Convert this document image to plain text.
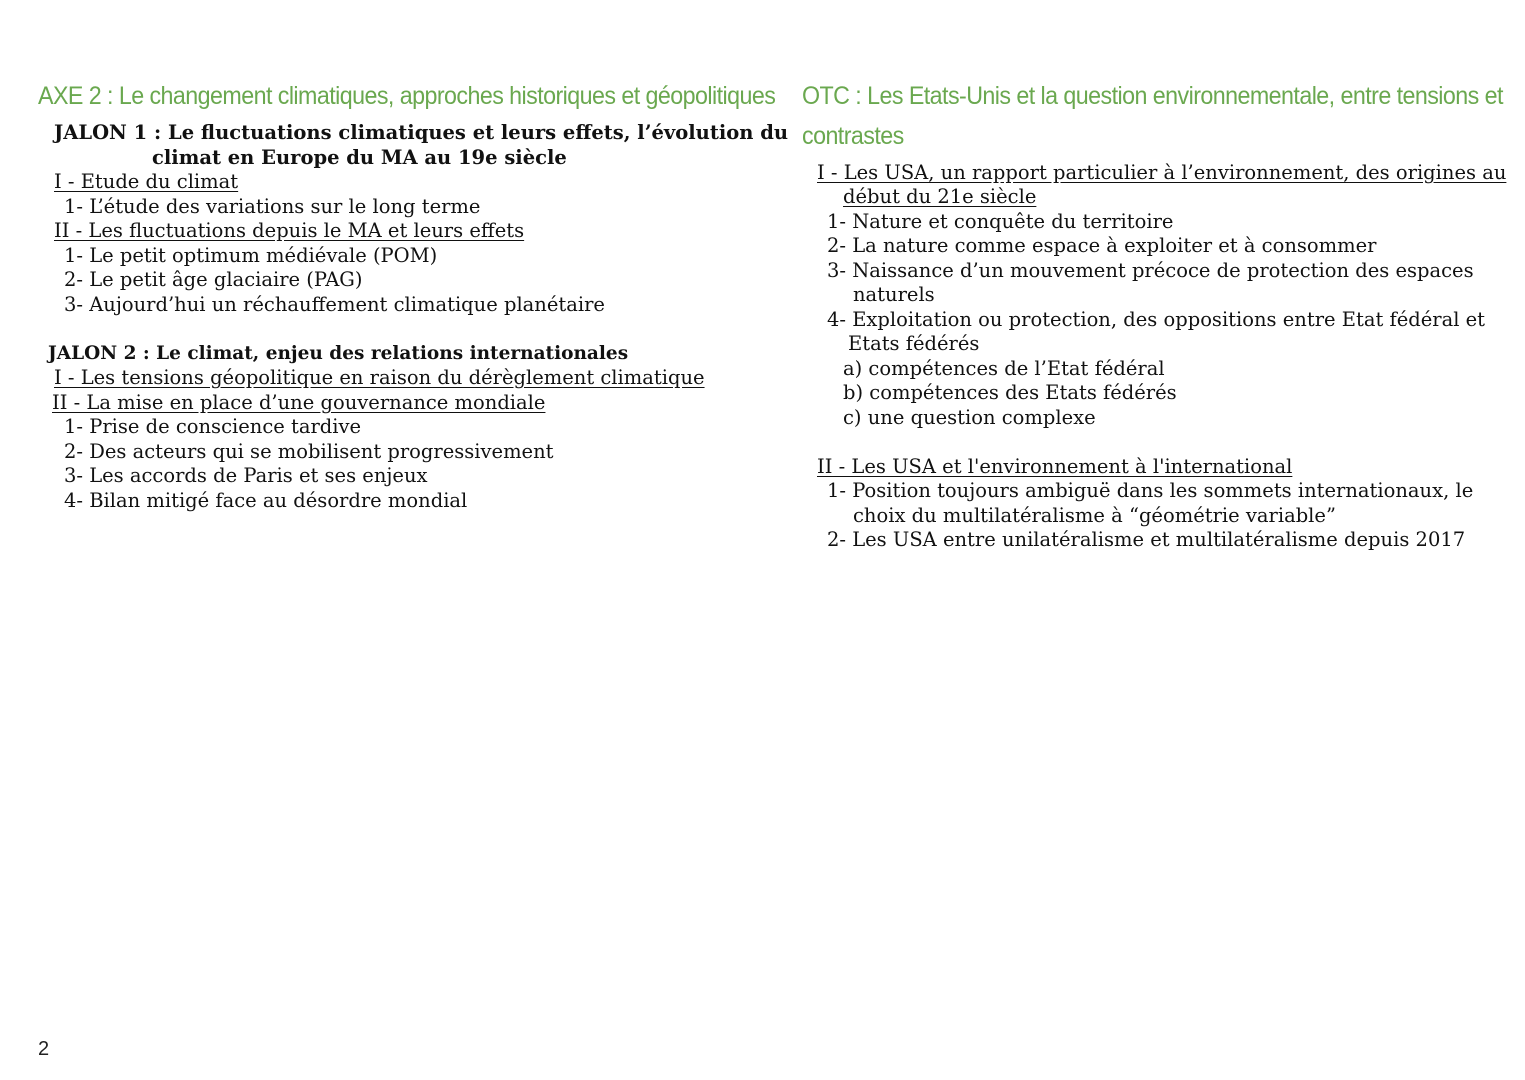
AXE 2 : Le changement climatiques, approches historiques et géopolitiques
JALON 1 : Le fluctuations climatiques et leurs effets, l’évolution du
climat en Europe du MA au 19e siècle
I - Etude du climat
1- L’étude des variations sur le long terme
II - Les fluctuations depuis le MA et leurs effets
1- Le petit optimum médiévale (POM)
2- Le petit âge glaciaire (PAG)
3- Aujourd’hui un réchauffement climatique planétaire
JALON 2 : Le climat, enjeu des relations internationales
I - Les tensions géopolitique en raison du dérèglement climatique
II - La mise en place d’une gouvernance mondiale
1- Prise de conscience tardive
2- Des acteurs qui se mobilisent progressivement
3- Les accords de Paris et ses enjeux
4- Bilan mitigé face au désordre mondial
OTC : Les Etats-Unis et la question environnementale, entre tensions et
contrastes
I - Les USA, un rapport particulier à l’environnement, des origines au
début du 21e siècle
1- Nature et conquête du territoire
2- La nature comme espace à exploiter et à consommer
3- Naissance d’un mouvement précoce de protection des espaces
naturels
4- Exploitation ou protection, des oppositions entre Etat fédéral et
Etats fédérés
a) compétences de l’Etat fédéral
b) compétences des Etats fédérés
c) une question complexe
II - Les USA et l'environnement à l'international
1- Position toujours ambiguë dans les sommets internationaux, le
choix du multilatéralisme à “géométrie variable”
2- Les USA entre unilatéralisme et multilatéralisme depuis 2017
2
